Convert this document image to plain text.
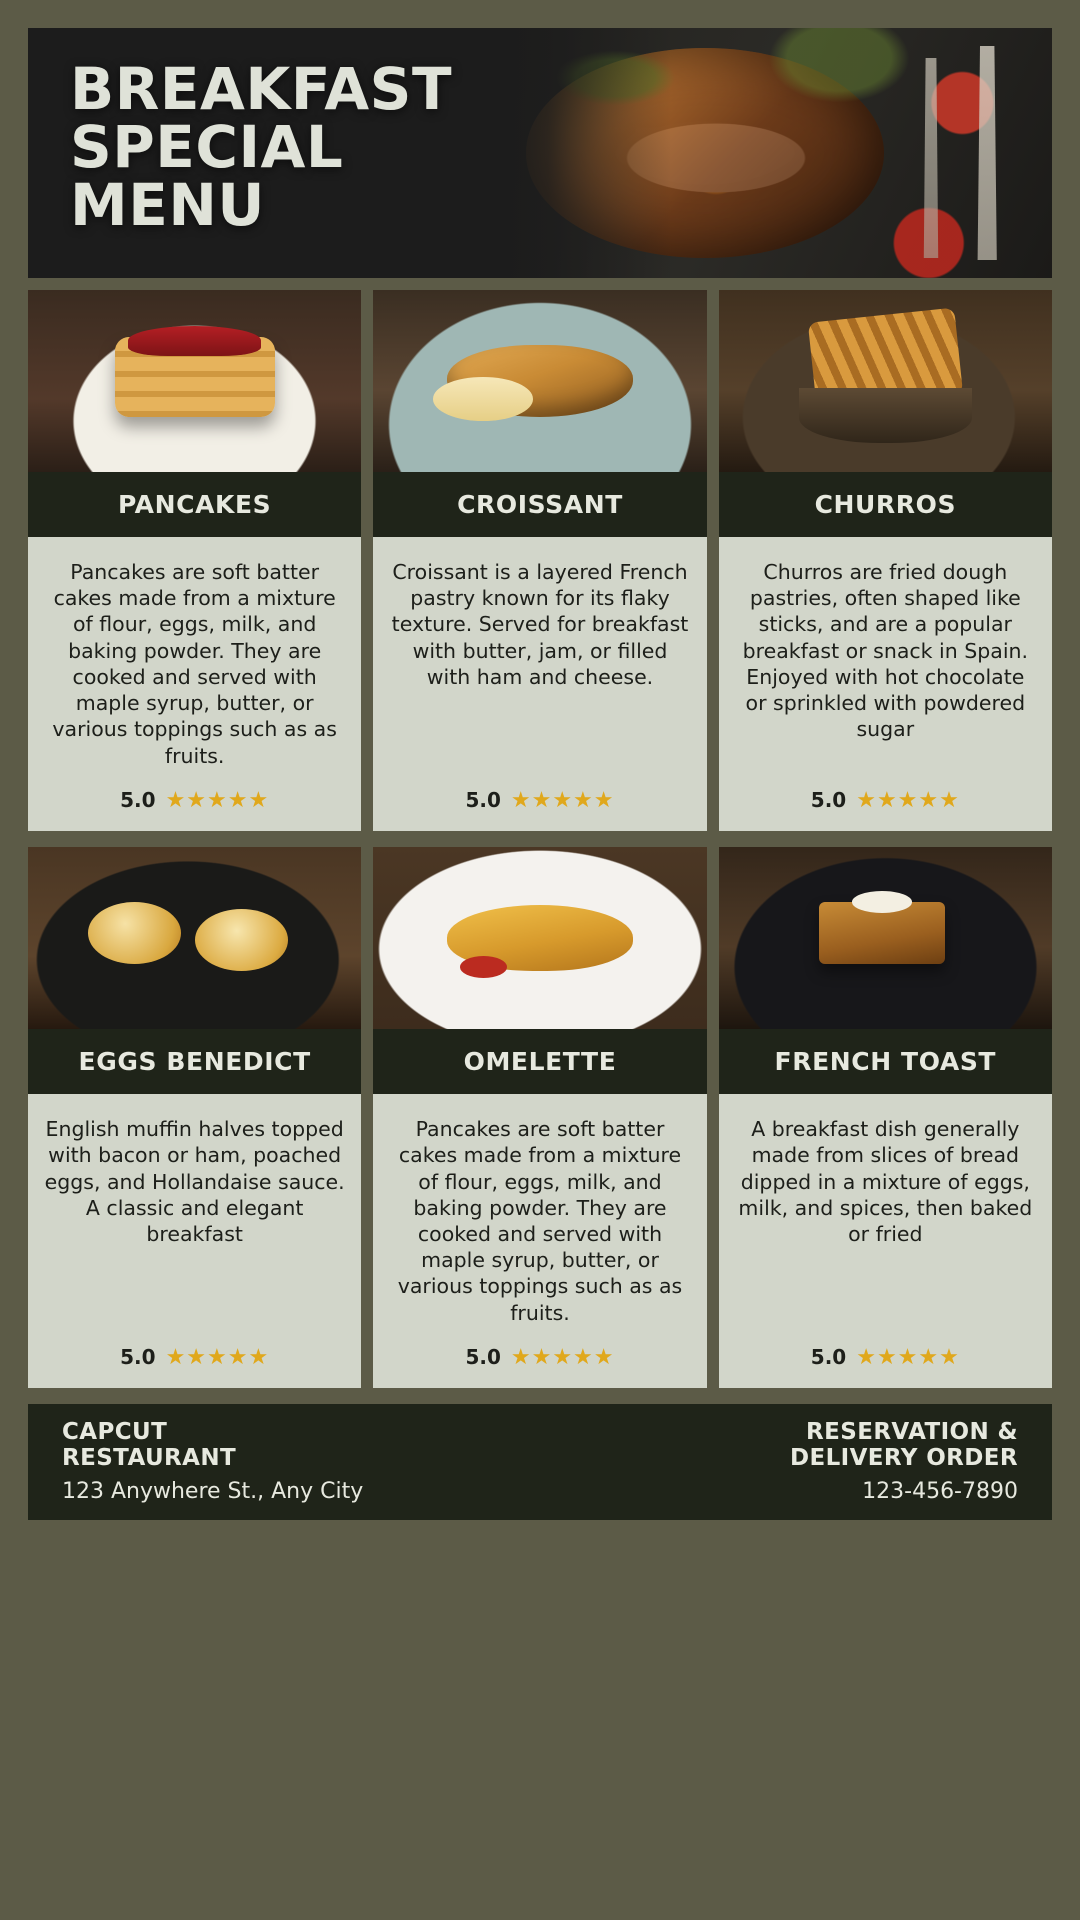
BREAKFAST
SPECIAL
MENU
PANCAKES
Pancakes are soft batter cakes made from a mixture of flour, eggs, milk, and baking powder. They are cooked and served with maple syrup, butter, or various toppings such as as fruits.
5.0 ★★★★★
CROISSANT
Croissant is a layered French pastry known for its flaky texture. Served for breakfast with butter, jam, or filled with ham and cheese.
5.0 ★★★★★
CHURROS
Churros are fried dough pastries, often shaped like sticks, and are a popular breakfast or snack in Spain. Enjoyed with hot chocolate or sprinkled with powdered sugar
5.0 ★★★★★
EGGS BENEDICT
English muffin halves topped with bacon or ham, poached eggs, and Hollandaise sauce. A classic and elegant breakfast
5.0 ★★★★★
OMELETTE
Pancakes are soft batter cakes made from a mixture of flour, eggs, milk, and baking powder. They are cooked and served with maple syrup, butter, or various toppings such as as fruits.
5.0 ★★★★★
FRENCH TOAST
A breakfast dish generally made from slices of bread dipped in a mixture of eggs, milk, and spices, then baked or fried
5.0 ★★★★★
CAPCUT
RESTAURANT
123 Anywhere St., Any City
RESERVATION &
DELIVERY ORDER
123-456-7890
